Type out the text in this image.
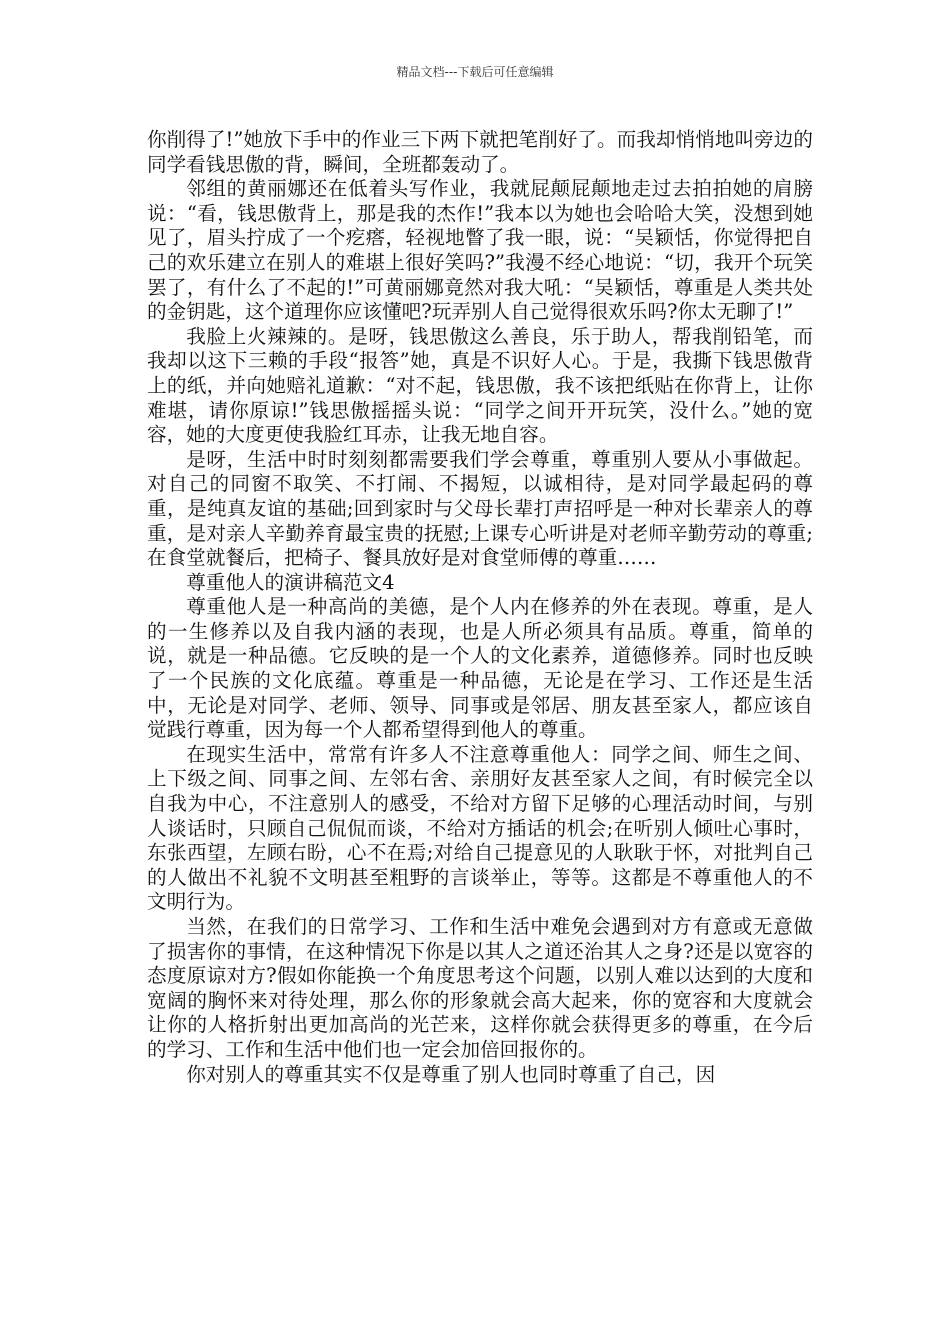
精品文档---下载后可任意编辑

你削得了!”她放下手中的作业三下两下就把笔削好了。而我却悄悄地叫旁边的同学看钱思傲的背，瞬间，全班都轰动了。

邻组的黄丽娜还在低着头写作业，我就屁颠屁颠地走过去拍拍她的肩膀说：“看，钱思傲背上，那是我的杰作!”我本以为她也会哈哈大笑，没想到她见了，眉头拧成了一个疙瘩，轻视地瞥了我一眼，说：“吴颖恬，你觉得把自己的欢乐建立在别人的难堪上很好笑吗?”我漫不经心地说：“切，我开个玩笑罢了，有什么了不起的!”可黄丽娜竟然对我大吼：“吴颖恬，尊重是人类共处的金钥匙，这个道理你应该懂吧?玩弄别人自己觉得很欢乐吗?你太无聊了!”

我脸上火辣辣的。是呀，钱思傲这么善良，乐于助人，帮我削铅笔，而我却以这下三赖的手段“报答”她，真是不识好人心。于是，我撕下钱思傲背上的纸，并向她赔礼道歉：“对不起，钱思傲，我不该把纸贴在你背上，让你难堪，请你原谅!”钱思傲摇摇头说：“同学之间开开玩笑，没什么。”她的宽容，她的大度更使我脸红耳赤，让我无地自容。

是呀，生活中时时刻刻都需要我们学会尊重，尊重别人要从小事做起。对自己的同窗不取笑、不打闹、不揭短，以诚相待，是对同学最起码的尊重，是纯真友谊的基础;回到家时与父母长辈打声招呼是一种对长辈亲人的尊重，是对亲人辛勤养育最宝贵的抚慰;上课专心听讲是对老师辛勤劳动的尊重;在食堂就餐后，把椅子、餐具放好是对食堂师傅的尊重……

尊重他人的演讲稿范文4

尊重他人是一种高尚的美德，是个人内在修养的外在表现。尊重，是人的一生修养以及自我内涵的表现，也是人所必须具有品质。尊重，简单的说，就是一种品德。它反映的是一个人的文化素养，道德修养。同时也反映了一个民族的文化底蕴。尊重是一种品德，无论是在学习、工作还是生活中，无论是对同学、老师、领导、同事或是邻居、朋友甚至家人，都应该自觉践行尊重，因为每一个人都希望得到他人的尊重。

在现实生活中，常常有许多人不注意尊重他人：同学之间、师生之间、上下级之间、同事之间、左邻右舍、亲朋好友甚至家人之间，有时候完全以自我为中心，不注意别人的感受，不给对方留下足够的心理活动时间，与别人谈话时，只顾自己侃侃而谈，不给对方插话的机会;在听别人倾吐心事时，东张西望，左顾右盼，心不在焉;对给自己提意见的人耿耿于怀，对批判自己的人做出不礼貌不文明甚至粗野的言谈举止，等等。这都是不尊重他人的不文明行为。

当然，在我们的日常学习、工作和生活中难免会遇到对方有意或无意做了损害你的事情，在这种情况下你是以其人之道还治其人之身?还是以宽容的态度原谅对方?假如你能换一个角度思考这个问题，以别人难以达到的大度和宽阔的胸怀来对待处理，那么你的形象就会高大起来，你的宽容和大度就会让你的人格折射出更加高尚的光芒来，这样你就会获得更多的尊重，在今后的学习、工作和生活中他们也一定会加倍回报你的。

你对别人的尊重其实不仅是尊重了别人也同时尊重了自己，因
